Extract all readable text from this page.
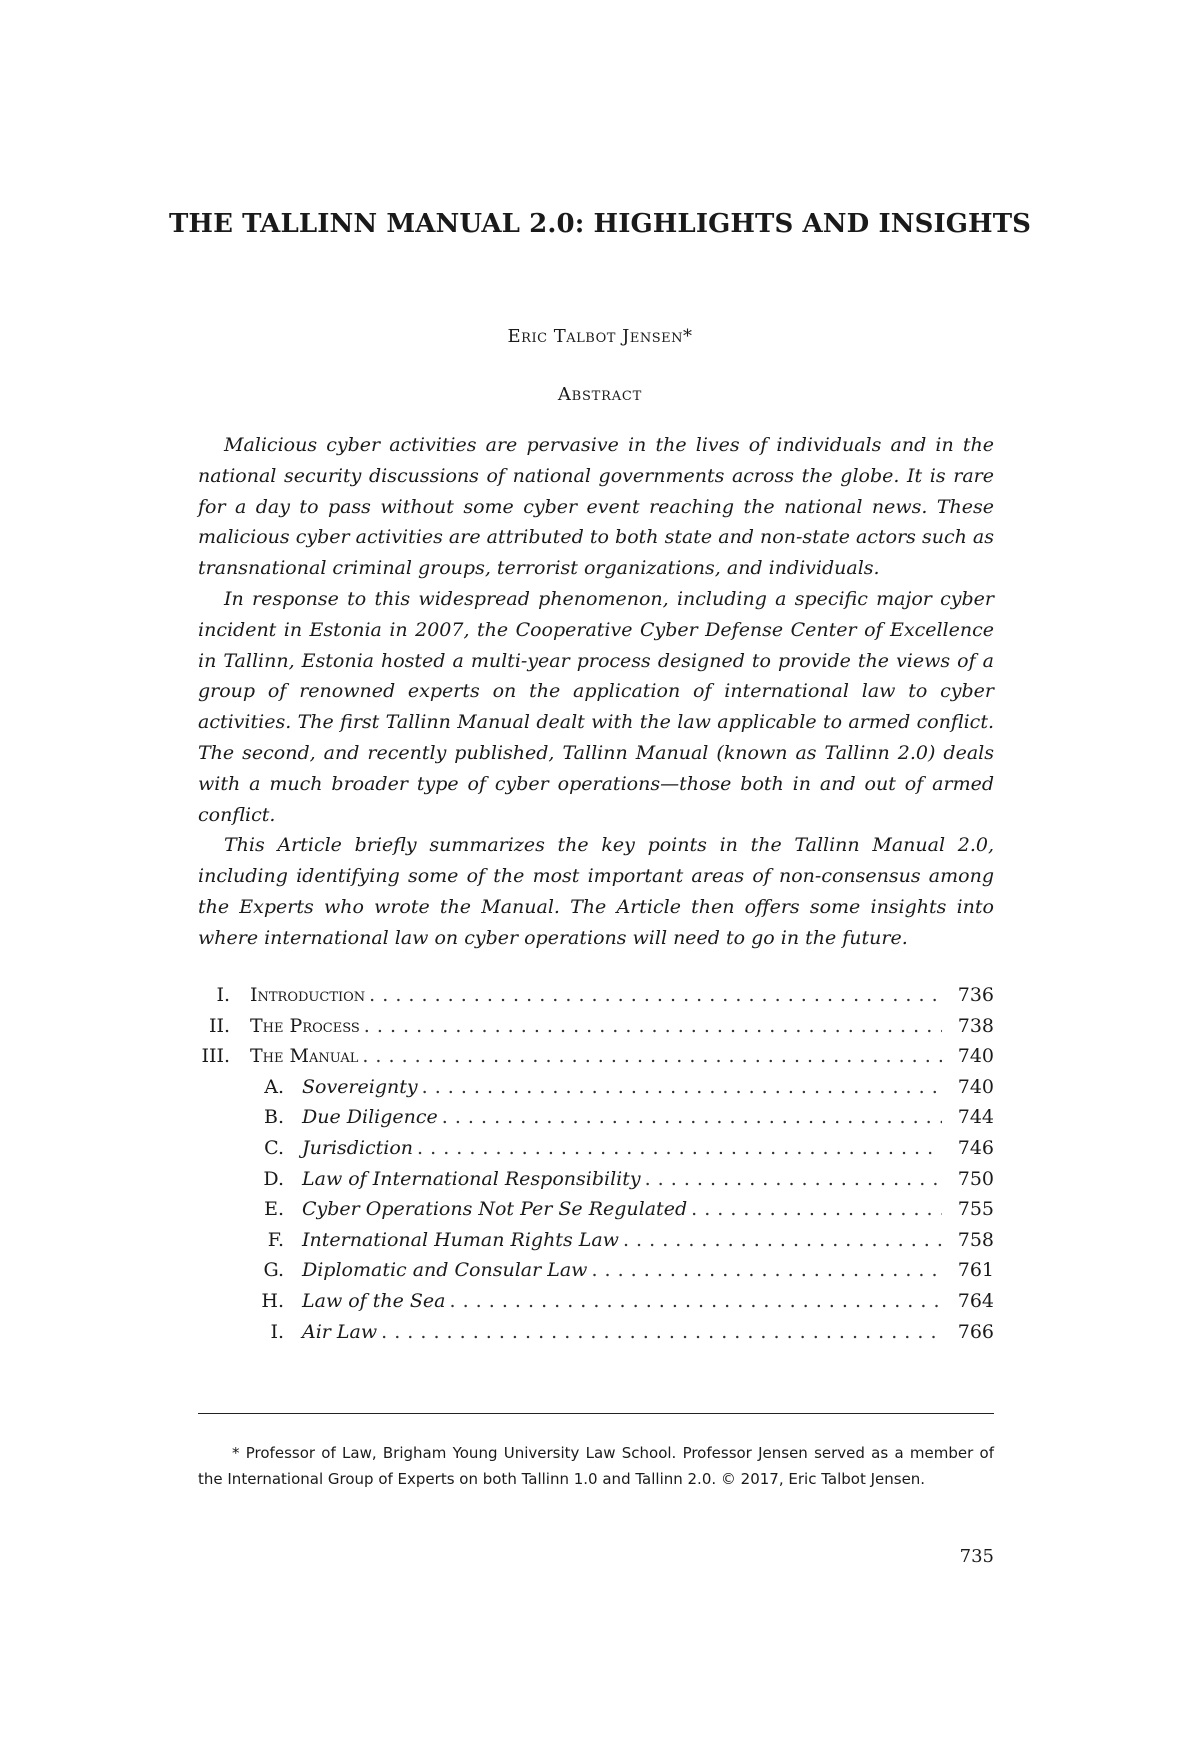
THE TALLINN MANUAL 2.0: HIGHLIGHTS AND INSIGHTS
Eric Talbot Jensen*
Abstract

Malicious cyber activities are pervasive in the lives of individuals and in the national security discussions of national governments across the globe. It is rare for a day to pass without some cyber event reaching the national news. These malicious cyber activities are attributed to both state and non-state actors such as transnational criminal groups, terrorist organizations, and individuals.

In response to this widespread phenomenon, including a specific major cyber incident in Estonia in 2007, the Cooperative Cyber Defense Center of Excellence in Tallinn, Estonia hosted a multi-year process designed to provide the views of a group of renowned experts on the application of international law to cyber activities. The first Tallinn Manual dealt with the law applicable to armed conflict. The second, and recently published, Tallinn Manual (known as Tallinn 2.0) deals with a much broader type of cyber operations—those both in and out of armed conflict.

This Article briefly summarizes the key points in the Tallinn Manual 2.0, including identifying some of the most important areas of non-consensus among the Experts who wrote the Manual. The Article then offers some insights into where international law on cyber operations will need to go in the future.

I.	Introduction . . .	736
II.	The Process . . .	738
III.	The Manual . . .	740
A. Sovereignty . . .	740
B. Due Diligence . . .	744
C. Jurisdiction . . .	746
D. Law of International Responsibility . . .	750
E. Cyber Operations Not Per Se Regulated . . .	755
F. International Human Rights Law . . .	758
G. Diplomatic and Consular Law . . .	761
H. Law of the Sea . . .	764
I. Air Law . . .	766

* Professor of Law, Brigham Young University Law School. Professor Jensen served as a member of the International Group of Experts on both Tallinn 1.0 and Tallinn 2.0. © 2017, Eric Talbot Jensen.

735
